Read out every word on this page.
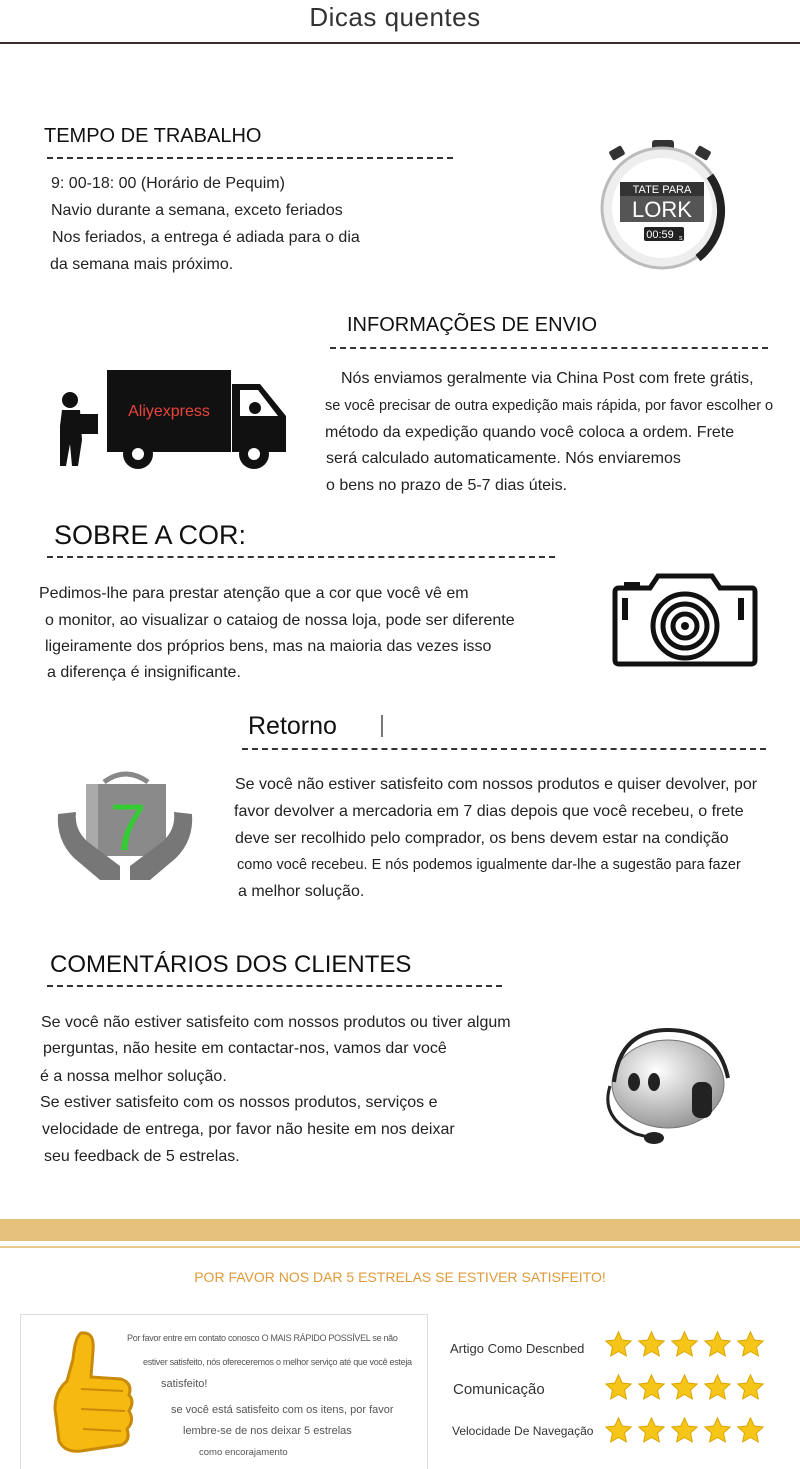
Dicas quentes
TEMPO DE TRABALHO
9: 00-18: 00 (Horário de Pequim)
Navio durante a semana, exceto feriados
Nos feriados, a entrega é adiada para o dia
da semana mais próximo.
TATE PARA
LORK
00:59 s
INFORMAÇÕES DE ENVIO
Aliyexpress
Nós enviamos geralmente via China Post com frete grátis,
se você precisar de outra expedição mais rápida, por favor escolher o
método da expedição quando você coloca a ordem. Frete
será calculado automaticamente. Nós enviaremos
o bens no prazo de 5-7 dias úteis.
SOBRE A COR:
Pedimos-lhe para prestar atenção que a cor que você vê em
o monitor, ao visualizar o cataiog de nossa loja, pode ser diferente
ligeiramente dos próprios bens, mas na maioria das vezes isso
a diferença é insignificante.
Retorno
7
Se você não estiver satisfeito com nossos produtos e quiser devolver, por
favor devolver a mercadoria em 7 dias depois que você recebeu, o frete
deve ser recolhido pelo comprador, os bens devem estar na condição
como você recebeu. E nós podemos igualmente dar-lhe a sugestão para fazer
a melhor solução.
COMENTÁRIOS DOS CLIENTES
Se você não estiver satisfeito com nossos produtos ou tiver algum
perguntas, não hesite em contactar-nos, vamos dar você
é a nossa melhor solução.
Se estiver satisfeito com os nossos produtos, serviços e
velocidade de entrega, por favor não hesite em nos deixar
seu feedback de 5 estrelas.
POR FAVOR NOS DAR 5 ESTRELAS SE ESTIVER SATISFEITO!
Por favor entre em contato conosco O MAIS RÁPIDO POSSÍVEL se não
estiver satisfeito, nós ofereceremos o melhor serviço até que você esteja
satisfeito!
se você está satisfeito com os itens, por favor
lembre-se de nos deixar 5 estrelas
como encorajamento
Artigo Como Descnbed
Comunicação
Velocidade De Navegação
